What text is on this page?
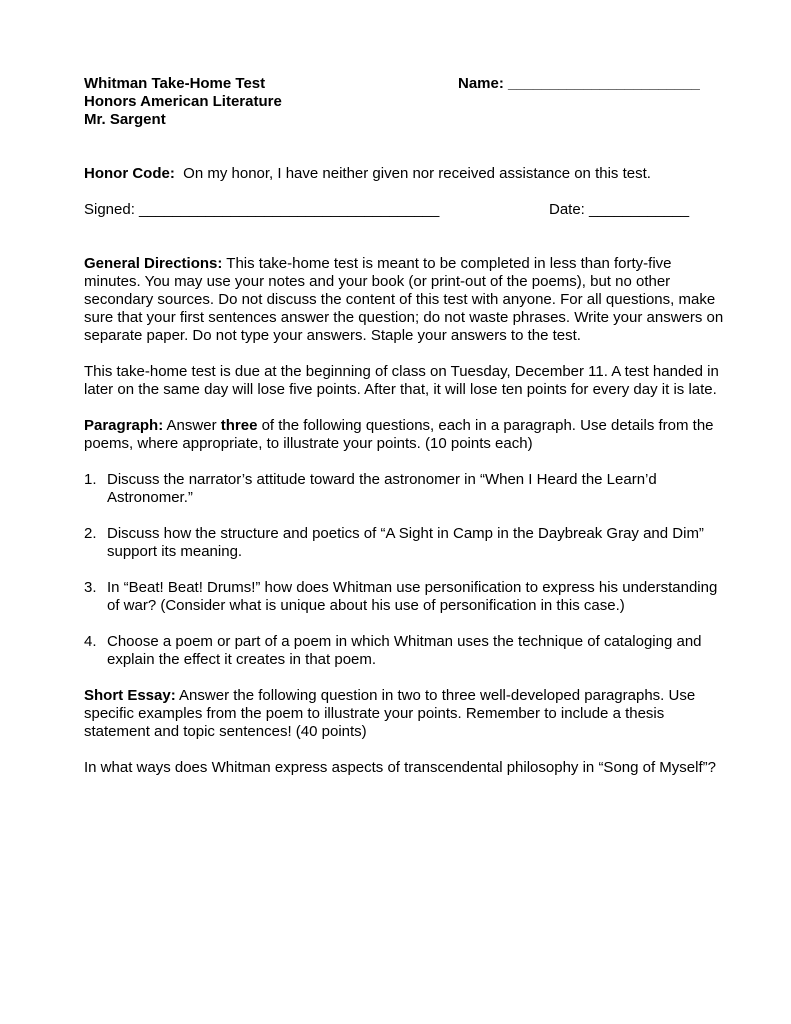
Whitman Take-Home Test
Honors American Literature
Mr. Sargent
Name: _______________________
Honor Code:  On my honor, I have neither given nor received assistance on this test.
Signed: ____________________________________	Date: ____________
General Directions: This take-home test is meant to be completed in less than forty-five minutes. You may use your notes and your book (or print-out of the poems), but no other secondary sources. Do not discuss the content of this test with anyone. For all questions, make sure that your first sentences answer the question; do not waste phrases. Write your answers on separate paper. Do not type your answers. Staple your answers to the test.
This take-home test is due at the beginning of class on Tuesday, December 11. A test handed in later on the same day will lose five points. After that, it will lose ten points for every day it is late.
Paragraph: Answer three of the following questions, each in a paragraph. Use details from the poems, where appropriate, to illustrate your points. (10 points each)
1. Discuss the narrator’s attitude toward the astronomer in “When I Heard the Learn’d Astronomer.”
2. Discuss how the structure and poetics of “A Sight in Camp in the Daybreak Gray and Dim” support its meaning.
3. In “Beat! Beat! Drums!” how does Whitman use personification to express his understanding of war? (Consider what is unique about his use of personification in this case.)
4. Choose a poem or part of a poem in which Whitman uses the technique of cataloging and explain the effect it creates in that poem.
Short Essay: Answer the following question in two to three well-developed paragraphs. Use specific examples from the poem to illustrate your points. Remember to include a thesis statement and topic sentences! (40 points)
In what ways does Whitman express aspects of transcendental philosophy in “Song of Myself”?
